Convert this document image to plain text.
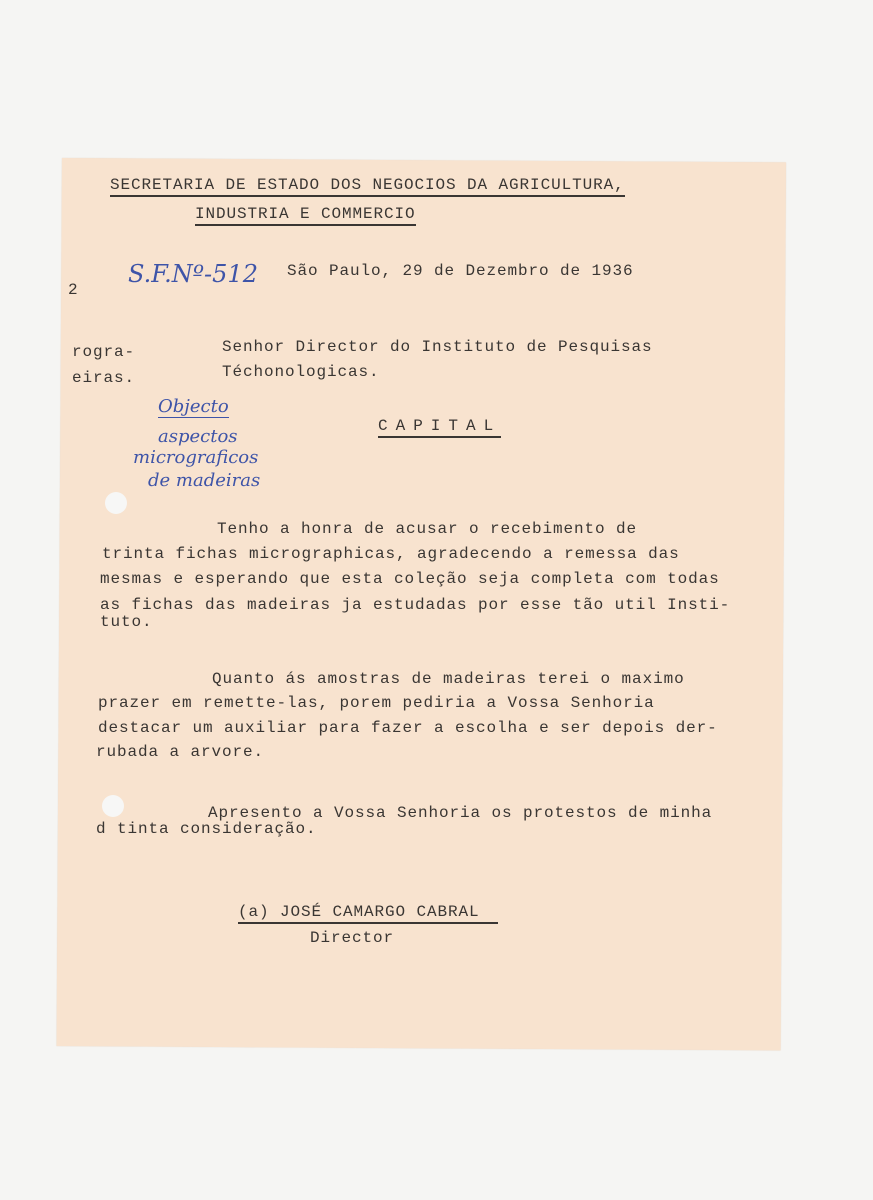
SECRETARIA DE ESTADO DOS NEGOCIOS DA AGRICULTURA,
INDUSTRIA E COMMERCIO
S.F.Nº-512 São Paulo, 29 de Dezembro de 1936
2
rogra-
eiras.
Senhor Director do Instituto de Pesquisas
Téchonologicas.
CAPITAL
Objecto
aspectos
micrograficos
de madeiras
Tenho a honra de acusar o recebimento de
trinta fichas micrographicas, agradecendo a remessa das
mesmas e esperando que esta coleção seja completa com todas
as fichas das madeiras ja estudadas por esse tão util Insti-
tuto.
Quanto ás amostras de madeiras terei o maximo
prazer em remette-las, porem pediria a Vossa Senhoria
destacar um auxiliar para fazer a escolha e ser depois der-
rubada a arvore.
Apresento a Vossa Senhoria os protestos de minha
d tinta consideração.
(a) JOSÉ CAMARGO CABRAL
Director
